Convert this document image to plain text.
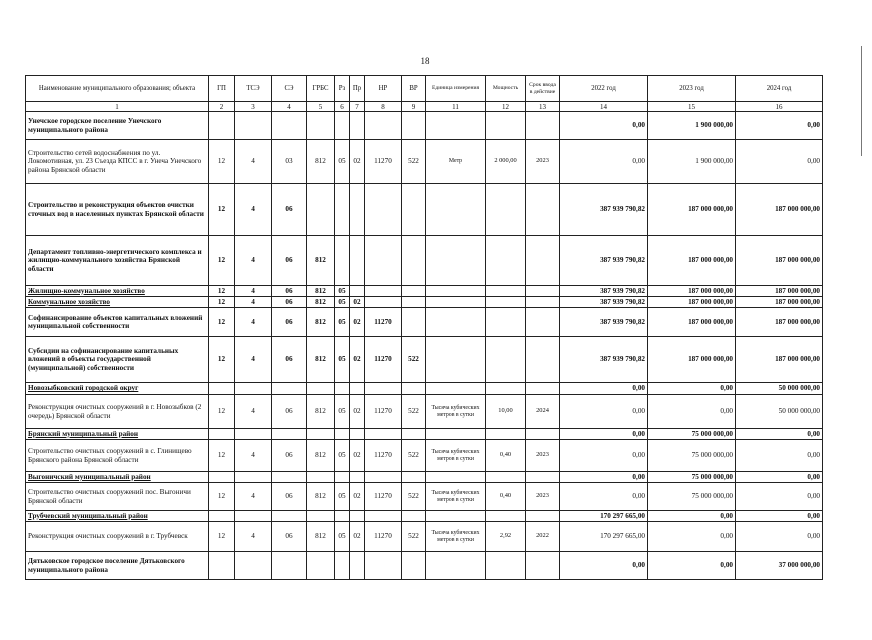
18
Наименование муниципального образования; объекта	ГП	ТСЭ	СЭ	ГРБС	Рз	Пр	НР	ВР	Единица измерения	Мощность	Срок ввода в действие	2022 год	2023 год	2024 год
1	2	3	4	5	6	7	8	9	11	12	13	14	15	16
Унечское городское поселение Унечского муниципального района												0,00	1 900 000,00	0,00
Строительство сетей водоснабжения по ул. Локомотивная, ул. 23 Съезда КПСС в г. Унеча Унечского района Брянской области	12	4	03	812	05	02	11270	522	Метр	2 000,00	2023	0,00	1 900 000,00	0,00
Строительство и реконструкция объектов очистки сточных вод в населенных пунктах Брянской области	12	4	06									387 939 790,82	187 000 000,00	187 000 000,00
Департамент топливно-энергетического комплекса и жилищно-коммунального хозяйства Брянской области	12	4	06	812								387 939 790,82	187 000 000,00	187 000 000,00
Жилищно-коммунальное хозяйство	12	4	06	812	05							387 939 790,82	187 000 000,00	187 000 000,00
Коммунальное хозяйство	12	4	06	812	05	02						387 939 790,82	187 000 000,00	187 000 000,00
Софинансирование объектов капитальных вложений муниципальной собственности	12	4	06	812	05	02	11270					387 939 790,82	187 000 000,00	187 000 000,00
Субсидии на софинансирование капитальных вложений в объекты государственной (муниципальной) собственности	12	4	06	812	05	02	11270	522				387 939 790,82	187 000 000,00	187 000 000,00
Новозыбковский городской округ												0,00	0,00	50 000 000,00
Реконструкция очистных сооружений в г. Новозыбков (2 очередь) Брянской области	12	4	06	812	05	02	11270	522	Тысяча кубических метров в сутки	10,00	2024	0,00	0,00	50 000 000,00
Брянский муниципальный район												0,00	75 000 000,00	0,00
Строительство очистных сооружений в с. Глинищево Брянского района Брянской области	12	4	06	812	05	02	11270	522	Тысяча кубических метров в сутки	0,40	2023	0,00	75 000 000,00	0,00
Выгоничский муниципальный район												0,00	75 000 000,00	0,00
Строительство очистных сооружений пос. Выгоничи Брянской области	12	4	06	812	05	02	11270	522	Тысяча кубических метров в сутки	0,40	2023	0,00	75 000 000,00	0,00
Трубчевский муниципальный район												170 297 665,00	0,00	0,00
Реконструкция очистных сооружений в г. Трубчевск	12	4	06	812	05	02	11270	522	Тысяча кубических метров в сутки	2,92	2022	170 297 665,00	0,00	0,00
Дятьковское городское поселение Дятьковского муниципального района												0,00	0,00	37 000 000,00
